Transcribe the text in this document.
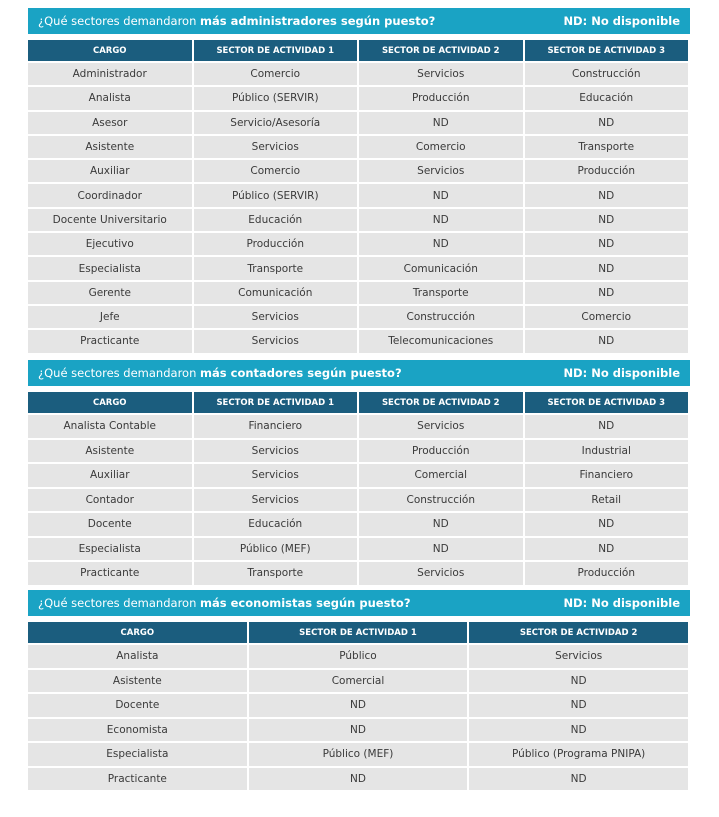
¿Qué sectores demandaron más administradores según puesto?	ND: No disponible
CARGO	SECTOR DE ACTIVIDAD 1	SECTOR DE ACTIVIDAD 2	SECTOR DE ACTIVIDAD 3
Administrador	Comercio	Servicios	Construcción
Analista	Público (SERVIR)	Producción	Educación
Asesor	Servicio/Asesoría	ND	ND
Asistente	Servicios	Comercio	Transporte
Auxiliar	Comercio	Servicios	Producción
Coordinador	Público (SERVIR)	ND	ND
Docente Universitario	Educación	ND	ND
Ejecutivo	Producción	ND	ND
Especialista	Transporte	Comunicación	ND
Gerente	Comunicación	Transporte	ND
Jefe	Servicios	Construcción	Comercio
Practicante	Servicios	Telecomunicaciones	ND
¿Qué sectores demandaron más contadores según puesto?	ND: No disponible
CARGO	SECTOR DE ACTIVIDAD 1	SECTOR DE ACTIVIDAD 2	SECTOR DE ACTIVIDAD 3
Analista Contable	Financiero	Servicios	ND
Asistente	Servicios	Producción	Industrial
Auxiliar	Servicios	Comercial	Financiero
Contador	Servicios	Construcción	Retail
Docente	Educación	ND	ND
Especialista	Público (MEF)	ND	ND
Practicante	Transporte	Servicios	Producción
¿Qué sectores demandaron más economistas según puesto?	ND: No disponible
CARGO	SECTOR DE ACTIVIDAD 1	SECTOR DE ACTIVIDAD 2
Analista	Público	Servicios
Asistente	Comercial	ND
Docente	ND	ND
Economista	ND	ND
Especialista	Público (MEF)	Público (Programa PNIPA)
Practicante	ND	ND
